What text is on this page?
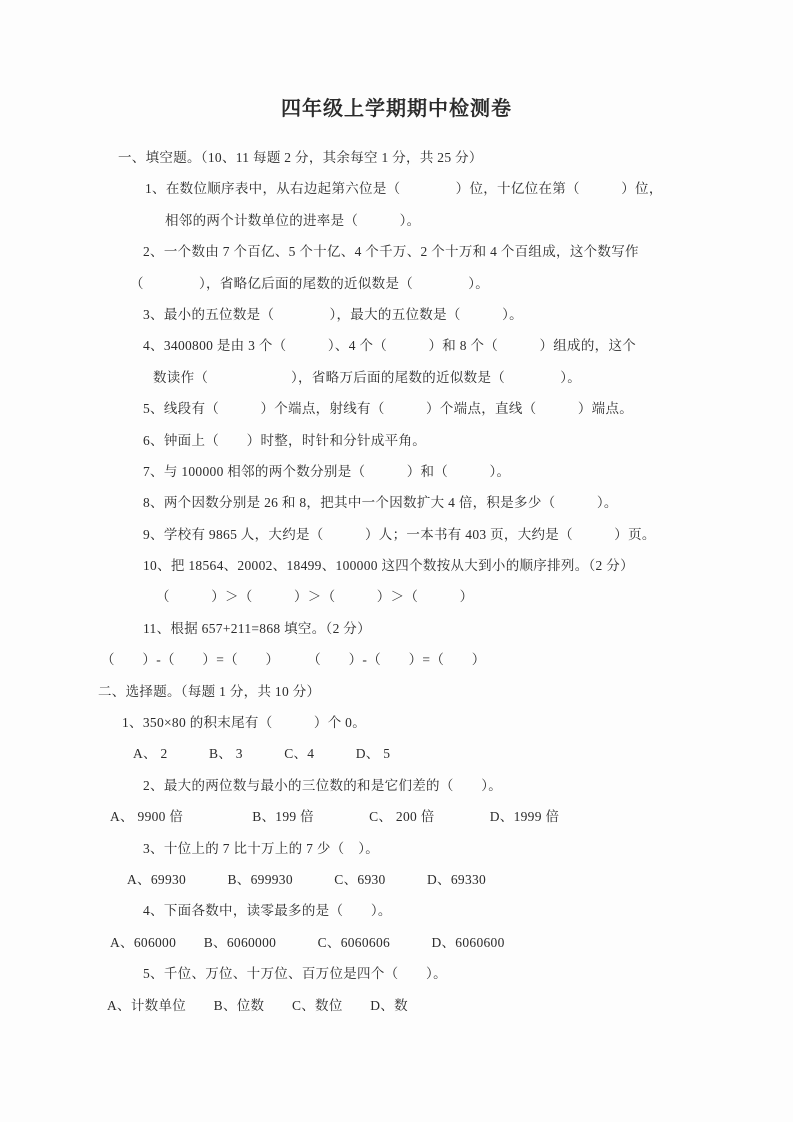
四年级上学期期中检测卷
一、填空题。（10、11 每题 2 分，其余每空 1 分，共 25 分）
1、在数位顺序表中，从右边起第六位是（　　　　）位，十亿位在第（　　　）位，
相邻的两个计数单位的进率是（　　　）。
2、一个数由 7 个百亿、5 个十亿、4 个千万、2 个十万和 4 个百组成，这个数写作
（　　　　），省略亿后面的尾数的近似数是（　　　　）。
3、最小的五位数是（　　　　），最大的五位数是（　　　）。
4、3400800 是由 3 个（　　　）、4 个（　　　）和 8 个（　　　）组成的，这个
数读作（　　　　　　），省略万后面的尾数的近似数是（　　　　）。
5、线段有（　　　）个端点，射线有（　　　）个端点，直线（　　　）端点。
6、钟面上（　　）时整，时针和分针成平角。
7、与 100000 相邻的两个数分别是（　　　）和（　　　）。
8、两个因数分别是 26 和 8，把其中一个因数扩大 4 倍，积是多少（　　　）。
9、学校有 9865 人，大约是（　　　）人；一本书有 403 页，大约是（　　　）页。
10、把 18564、20002、18499、100000 这四个数按从大到小的顺序排列。（2 分）
（　　　）＞（　　　）＞（　　　）＞（　　　）
11、根据 657+211=868 填空。（2 分）
（　　）-（　　）=（　　）　　　（　　）-（　　）=（　　）
二、选择题。（每题 1 分，共 10 分）
1、350×80 的积末尾有（　　　）个 0。
A、 2　　　B、 3　　　C、4　　　D、 5
2、最大的两位数与最小的三位数的和是它们差的（　　）。
A、 9900 倍　　　　　B、199 倍　　　　C、 200 倍　　　　D、1999 倍
3、十位上的 7 比十万上的 7 少（　）。
A、69930　　　B、699930　　　C、6930　　　D、69330
4、下面各数中，读零最多的是（　　）。
A、606000　　B、6060000　　　C、6060606　　　D、6060600
5、千位、万位、十万位、百万位是四个（　　）。
A、计数单位　　B、位数　　C、数位　　D、数
